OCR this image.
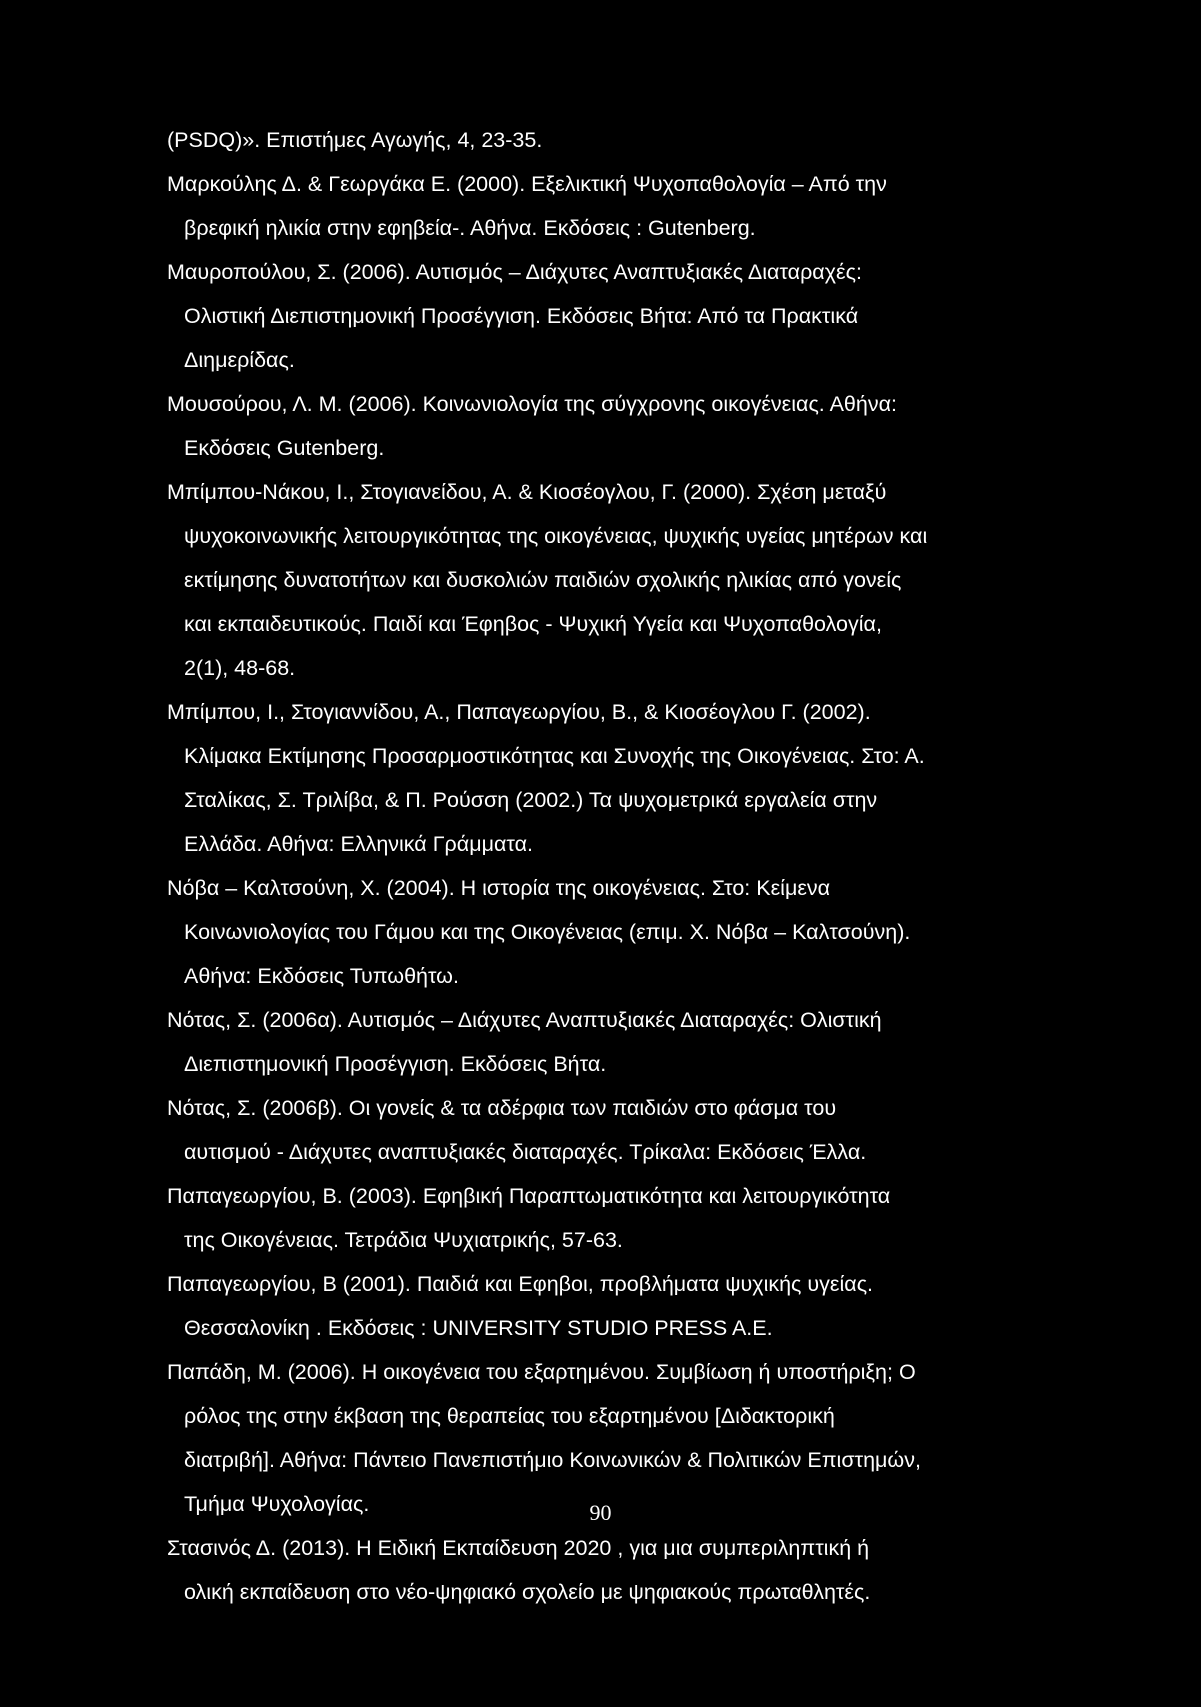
(PSDQ)». Επιστήμες Αγωγής, 4, 23-35.
Μαρκούλης Δ. & Γεωργάκα Ε. (2000). Εξελικτική Ψυχοπαθολογία – Από την
βρεφική ηλικία στην εφηβεία-. Αθήνα. Εκδόσεις : Gutenberg.
Μαυροπούλου, Σ. (2006). Αυτισμός – Διάχυτες Αναπτυξιακές Διαταραχές:
Ολιστική Διεπιστημονική Προσέγγιση. Εκδόσεις Βήτα: Από τα Πρακτικά
Διημερίδας.
Μουσούρου, Λ. Μ. (2006). Κοινωνιολογία της σύγχρονης οικογένειας. Αθήνα:
Εκδόσεις Gutenberg.
Μπίμπου-Νάκου, Ι., Στογιανείδου, Α. & Κιοσέογλου, Γ. (2000). Σχέση μεταξύ
ψυχοκοινωνικής λειτουργικότητας της οικογένειας, ψυχικής υγείας μητέρων και
εκτίμησης δυνατοτήτων και δυσκολιών παιδιών σχολικής ηλικίας από γονείς
και εκπαιδευτικούς. Παιδί και Έφηβος - Ψυχική Υγεία και Ψυχοπαθολογία,
2(1), 48-68.
Μπίμπου, Ι., Στογιαννίδου, Α., Παπαγεωργίου, Β., & Κιοσέογλου Γ. (2002).
Κλίμακα Εκτίμησης Προσαρμοστικότητας και Συνοχής της Οικογένειας. Στο: Α.
Σταλίκας, Σ. Τριλίβα, & Π. Ρούσση (2002.) Τα ψυχομετρικά εργαλεία στην
Ελλάδα. Αθήνα: Ελληνικά Γράμματα.
Νόβα – Καλτσούνη, Χ. (2004). Η ιστορία της οικογένειας. Στο: Κείμενα
Κοινωνιολογίας του Γάμου και της Οικογένειας (επιμ. Χ. Νόβα – Καλτσούνη).
Αθήνα: Εκδόσεις Τυπωθήτω.
Νότας, Σ. (2006α). Αυτισμός – Διάχυτες Αναπτυξιακές Διαταραχές: Ολιστική
Διεπιστημονική Προσέγγιση. Εκδόσεις Βήτα.
Νότας, Σ. (2006β). Οι γονείς & τα αδέρφια των παιδιών στο φάσμα του
αυτισμού - Διάχυτες αναπτυξιακές διαταραχές. Τρίκαλα: Εκδόσεις Έλλα.
Παπαγεωργίου, Β. (2003). Εφηβική Παραπτωματικότητα και λειτουργικότητα
της Οικογένειας. Τετράδια Ψυχιατρικής, 57-63.
Παπαγεωργίου, Β (2001). Παιδιά και Εφηβοι, προβλήματα ψυχικής υγείας.
Θεσσαλονίκη . Εκδόσεις : UNIVERSITY STUDIO PRESS A.E.
Παπάδη, Μ. (2006). Η οικογένεια του εξαρτημένου. Συμβίωση ή υποστήριξη; Ο
ρόλος της στην έκβαση της θεραπείας του εξαρτημένου [Διδακτορική
διατριβή]. Αθήνα: Πάντειο Πανεπιστήμιο Κοινωνικών & Πολιτικών Επιστημών,
Τμήμα Ψυχολογίας.
Στασινός Δ. (2013). Η Ειδική Εκπαίδευση 2020 , για μια συμπεριληπτική ή
ολική εκπαίδευση στο νέο-ψηφιακό σχολείο με ψηφιακούς πρωταθλητές.
90
